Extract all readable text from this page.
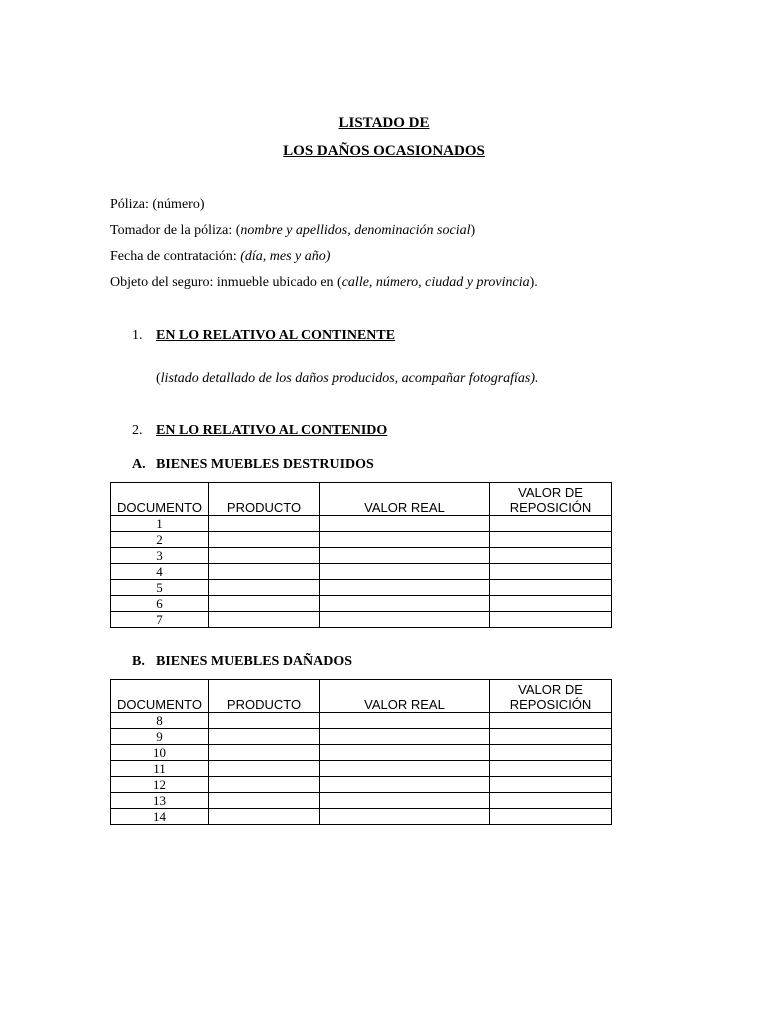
LISTADO DE
LOS DAÑOS OCASIONADOS
Póliza: (número)
Tomador de la póliza: (nombre y apellidos, denominación social)
Fecha de contratación: (día, mes y año)
Objeto del seguro: inmueble ubicado en (calle, número, ciudad y provincia).
1. EN LO RELATIVO AL CONTINENTE
(listado detallado de los daños producidos, acompañar fotografías).
2. EN LO RELATIVO AL CONTENIDO
A. BIENES MUEBLES DESTRUIDOS
DOCUMENTO	PRODUCTO	VALOR REAL	VALOR DE
REPOSICIÓN
1			
2			
3			
4			
5			
6			
7			
B. BIENES MUEBLES DAÑADOS
DOCUMENTO	PRODUCTO	VALOR REAL	VALOR DE
REPOSICIÓN
8			
9			
10			
11			
12			
13			
14			
